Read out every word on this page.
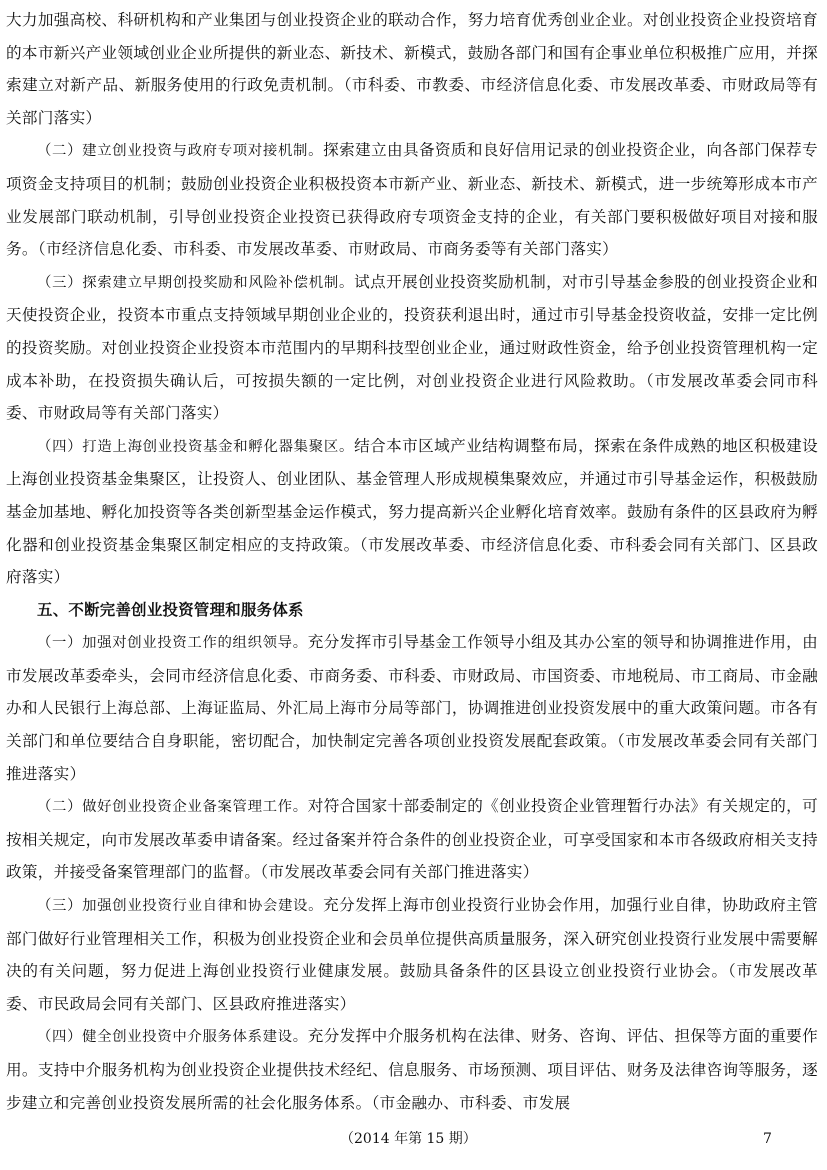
大力加强高校、科研机构和产业集团与创业投资企业的联动合作，努力培育优秀创业企业。对创业投资企业投资培育的本市新兴产业领域创业企业所提供的新业态、新技术、新模式，鼓励各部门和国有企事业单位积极推广应用，并探索建立对新产品、新服务使用的行政免责机制。（市科委、市教委、市经济信息化委、市发展改革委、市财政局等有关部门落实）

（二）建立创业投资与政府专项对接机制。探索建立由具备资质和良好信用记录的创业投资企业，向各部门保荐专项资金支持项目的机制；鼓励创业投资企业积极投资本市新产业、新业态、新技术、新模式，进一步统筹形成本市产业发展部门联动机制，引导创业投资企业投资已获得政府专项资金支持的企业，有关部门要积极做好项目对接和服务。（市经济信息化委、市科委、市发展改革委、市财政局、市商务委等有关部门落实）

（三）探索建立早期创投奖励和风险补偿机制。试点开展创业投资奖励机制，对市引导基金参股的创业投资企业和天使投资企业，投资本市重点支持领域早期创业企业的，投资获利退出时，通过市引导基金投资收益，安排一定比例的投资奖励。对创业投资企业投资本市范围内的早期科技型创业企业，通过财政性资金，给予创业投资管理机构一定成本补助，在投资损失确认后，可按损失额的一定比例，对创业投资企业进行风险救助。（市发展改革委会同市科委、市财政局等有关部门落实）

（四）打造上海创业投资基金和孵化器集聚区。结合本市区域产业结构调整布局，探索在条件成熟的地区积极建设上海创业投资基金集聚区，让投资人、创业团队、基金管理人形成规模集聚效应，并通过市引导基金运作，积极鼓励基金加基地、孵化加投资等各类创新型基金运作模式，努力提高新兴企业孵化培育效率。鼓励有条件的区县政府为孵化器和创业投资基金集聚区制定相应的支持政策。（市发展改革委、市经济信息化委、市科委会同有关部门、区县政府落实）

五、不断完善创业投资管理和服务体系

（一）加强对创业投资工作的组织领导。充分发挥市引导基金工作领导小组及其办公室的领导和协调推进作用，由市发展改革委牵头，会同市经济信息化委、市商务委、市科委、市财政局、市国资委、市地税局、市工商局、市金融办和人民银行上海总部、上海证监局、外汇局上海市分局等部门，协调推进创业投资发展中的重大政策问题。市各有关部门和单位要结合自身职能，密切配合，加快制定完善各项创业投资发展配套政策。（市发展改革委会同有关部门推进落实）

（二）做好创业投资企业备案管理工作。对符合国家十部委制定的《创业投资企业管理暂行办法》有关规定的，可按相关规定，向市发展改革委申请备案。经过备案并符合条件的创业投资企业，可享受国家和本市各级政府相关支持政策，并接受备案管理部门的监督。（市发展改革委会同有关部门推进落实）

（三）加强创业投资行业自律和协会建设。充分发挥上海市创业投资行业协会作用，加强行业自律，协助政府主管部门做好行业管理相关工作，积极为创业投资企业和会员单位提供高质量服务，深入研究创业投资行业发展中需要解决的有关问题，努力促进上海创业投资行业健康发展。鼓励具备条件的区县设立创业投资行业协会。（市发展改革委、市民政局会同有关部门、区县政府推进落实）

（四）健全创业投资中介服务体系建设。充分发挥中介服务机构在法律、财务、咨询、评估、担保等方面的重要作用。支持中介服务机构为创业投资企业提供技术经纪、信息服务、市场预测、项目评估、财务及法律咨询等服务，逐步建立和完善创业投资发展所需的社会化服务体系。（市金融办、市科委、市发展

（2014 年第 15 期）	7
